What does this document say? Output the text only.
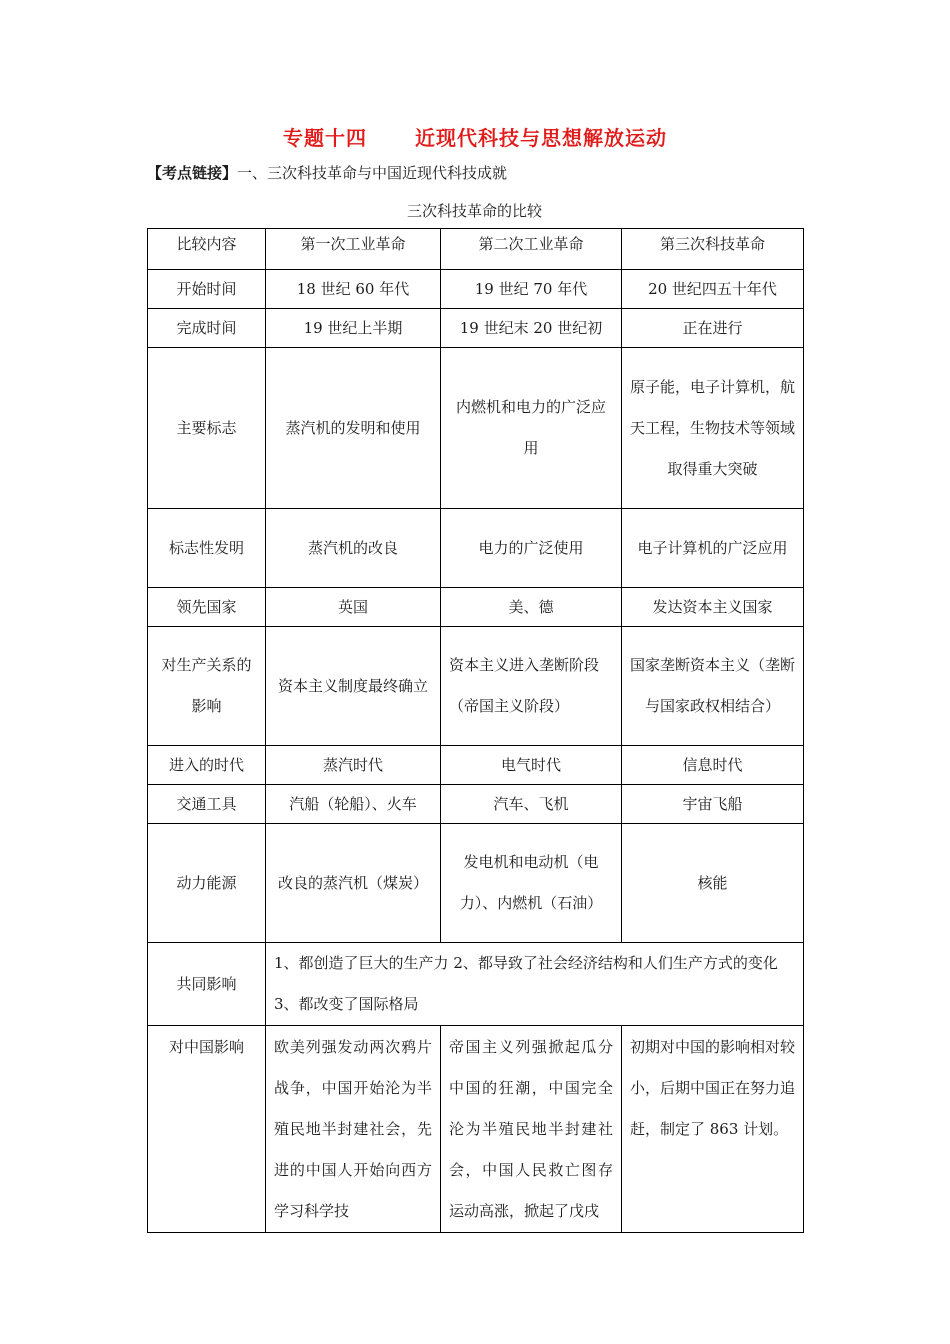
专题十四 近现代科技与思想解放运动
【考点链接】一、三次科技革命与中国近现代科技成就
三次科技革命的比较
比较内容	第一次工业革命	第二次工业革命	第三次科技革命
开始时间	18 世纪 60 年代	19 世纪 70 年代	20 世纪四五十年代
完成时间	19 世纪上半期	19 世纪末 20 世纪初	正在进行
主要标志	蒸汽机的发明和使用	内燃机和电力的广泛应用	原子能，电子计算机，航天工程，生物技术等领域取得重大突破
标志性发明	蒸汽机的改良	电力的广泛使用	电子计算机的广泛应用
领先国家	英国	美、德	发达资本主义国家
对生产关系的影响	资本主义制度最终确立	资本主义进入垄断阶段（帝国主义阶段）	国家垄断资本主义（垄断与国家政权相结合）
进入的时代	蒸汽时代	电气时代	信息时代
交通工具	汽船（轮船）、火车	汽车、飞机	宇宙飞船
动力能源	改良的蒸汽机（煤炭）	发电机和电动机（电力）、内燃机（石油）	核能
共同影响	1、都创造了巨大的生产力 2、都导致了社会经济结构和人们生产方式的变化 3、都改变了国际格局		
对中国影响	欧美列强发动两次鸦片战争，中国开始沦为半殖民地半封建社会，先进的中国人开始向西方学习科学技	帝国主义列强掀起瓜分中国的狂潮，中国完全沦为半殖民地半封建社会，中国人民救亡图存运动高涨，掀起了戊戌	初期对中国的影响相对较小，后期中国正在努力追赶，制定了 863 计划。
